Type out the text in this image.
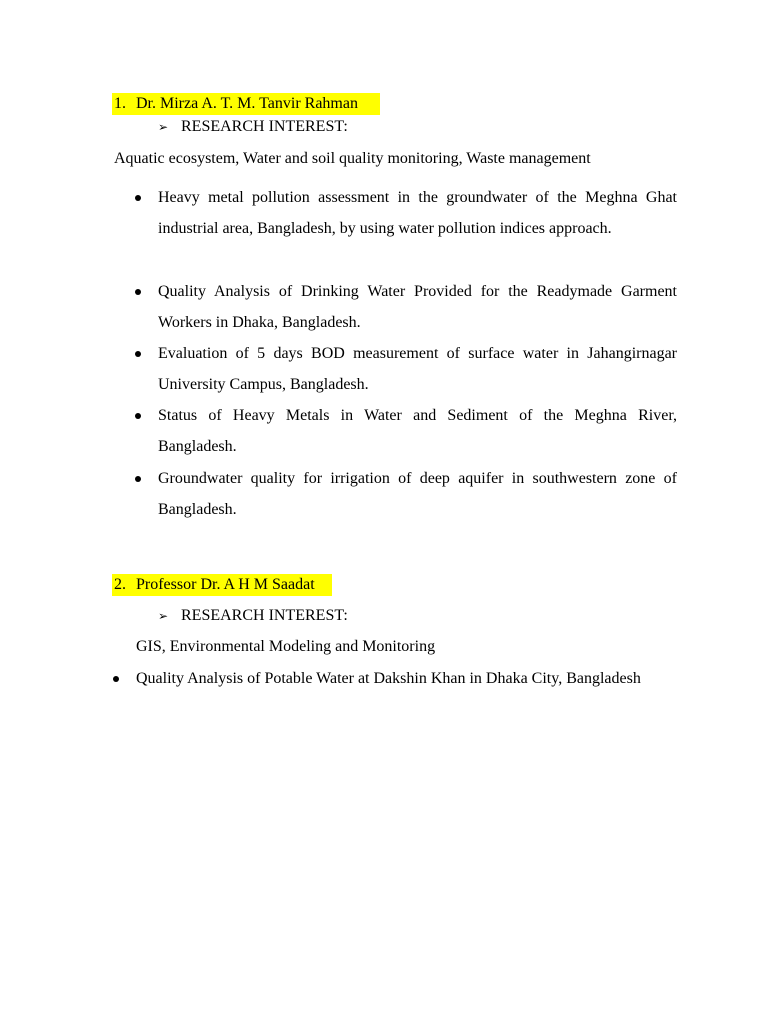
1. Dr. Mirza A. T. M. Tanvir Rahman
➢ RESEARCH INTEREST:
Aquatic ecosystem, Water and soil quality monitoring, Waste management
Heavy metal pollution assessment in the groundwater of the Meghna Ghat industrial area, Bangladesh, by using water pollution indices approach.
Quality Analysis of Drinking Water Provided for the Readymade Garment Workers in Dhaka, Bangladesh.
Evaluation of 5 days BOD measurement of surface water in Jahangirnagar University Campus, Bangladesh.
Status of Heavy Metals in Water and Sediment of the Meghna River, Bangladesh.
Groundwater quality for irrigation of deep aquifer in southwestern zone of Bangladesh.
2. Professor Dr. A H M Saadat
➢ RESEARCH INTEREST:
GIS, Environmental Modeling and Monitoring
Quality Analysis of Potable Water at Dakshin Khan in Dhaka City, Bangladesh
